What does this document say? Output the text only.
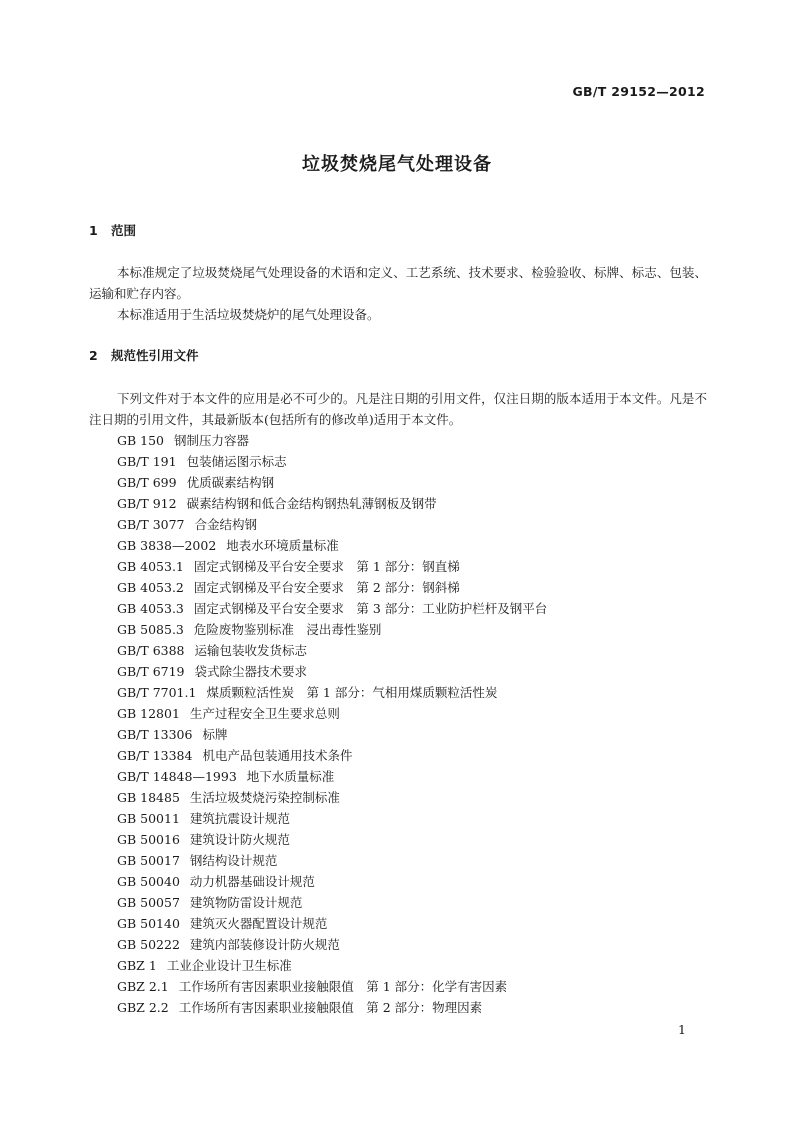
GB/T 29152—2012
垃圾焚烧尾气处理设备
1 范围

本标准规定了垃圾焚烧尾气处理设备的术语和定义、工艺系统、技术要求、检验验收、标牌、标志、包装、运输和贮存内容。

本标准适用于生活垃圾焚烧炉的尾气处理设备。

2 规范性引用文件

下列文件对于本文件的应用是必不可少的。凡是注日期的引用文件，仅注日期的版本适用于本文件。凡是不注日期的引用文件，其最新版本(包括所有的修改单)适用于本文件。

GB 150 钢制压力容器
GB/T 191 包装储运图示标志
GB/T 699 优质碳素结构钢
GB/T 912 碳素结构钢和低合金结构钢热轧薄钢板及钢带
GB/T 3077 合金结构钢
GB 3838—2002 地表水环境质量标准
GB 4053.1 固定式钢梯及平台安全要求　第 1 部分：钢直梯
GB 4053.2 固定式钢梯及平台安全要求　第 2 部分：钢斜梯
GB 4053.3 固定式钢梯及平台安全要求　第 3 部分：工业防护栏杆及钢平台
GB 5085.3 危险废物鉴别标准　浸出毒性鉴别
GB/T 6388 运输包装收发货标志
GB/T 6719 袋式除尘器技术要求
GB/T 7701.1 煤质颗粒活性炭　第 1 部分：气相用煤质颗粒活性炭
GB 12801 生产过程安全卫生要求总则
GB/T 13306 标牌
GB/T 13384 机电产品包装通用技术条件
GB/T 14848—1993 地下水质量标准
GB 18485 生活垃圾焚烧污染控制标准
GB 50011 建筑抗震设计规范
GB 50016 建筑设计防火规范
GB 50017 钢结构设计规范
GB 50040 动力机器基础设计规范
GB 50057 建筑物防雷设计规范
GB 50140 建筑灭火器配置设计规范
GB 50222 建筑内部装修设计防火规范
GBZ 1 工业企业设计卫生标准
GBZ 2.1 工作场所有害因素职业接触限值　第 1 部分：化学有害因素
GBZ 2.2 工作场所有害因素职业接触限值　第 2 部分：物理因素
1
